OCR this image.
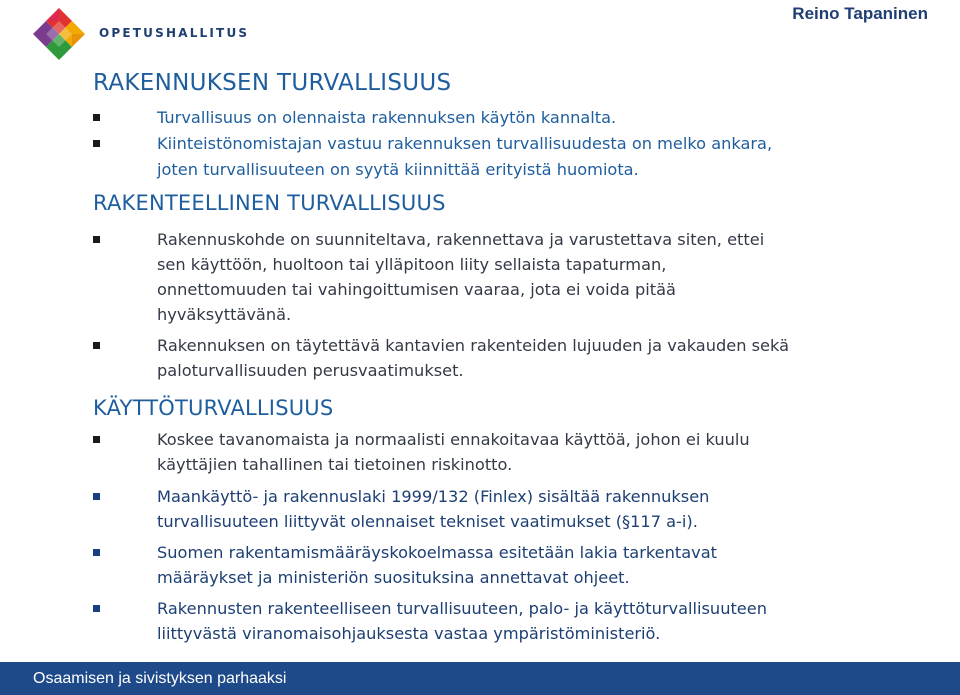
OPETUSHALLITUS
Reino Tapaninen
RAKENNUKSEN TURVALLISUUS
Turvallisuus on olennaista rakennuksen käytön kannalta.
Kiinteistönomistajan vastuu rakennuksen turvallisuudesta on melko ankara,
joten turvallisuuteen on syytä kiinnittää erityistä huomiota.
RAKENTEELLINEN TURVALLISUUS
Rakennuskohde on suunniteltava, rakennettava ja varustettava siten, ettei
sen käyttöön, huoltoon tai ylläpitoon liity sellaista tapaturman,
onnettomuuden tai vahingoittumisen vaaraa, jota ei voida pitää
hyväksyttävänä.
Rakennuksen on täytettävä kantavien rakenteiden lujuuden ja vakauden sekä
paloturvallisuuden perusvaatimukset.
KÄYTTÖTURVALLISUUS
Koskee tavanomaista ja normaalisti ennakoitavaa käyttöä, johon ei kuulu
käyttäjien tahallinen tai tietoinen riskinotto.
Maankäyttö- ja rakennuslaki 1999/132 (Finlex) sisältää rakennuksen
turvallisuuteen liittyvät olennaiset tekniset vaatimukset (§117 a-i).
Suomen rakentamismääräyskokoelmassa esitetään lakia tarkentavat
määräykset ja ministeriön suosituksina annettavat ohjeet.
Rakennusten rakenteelliseen turvallisuuteen, palo- ja käyttöturvallisuuteen
liittyvästä viranomaisohjauksesta vastaa ympäristöministeriö.
Osaamisen ja sivistyksen parhaaksi
